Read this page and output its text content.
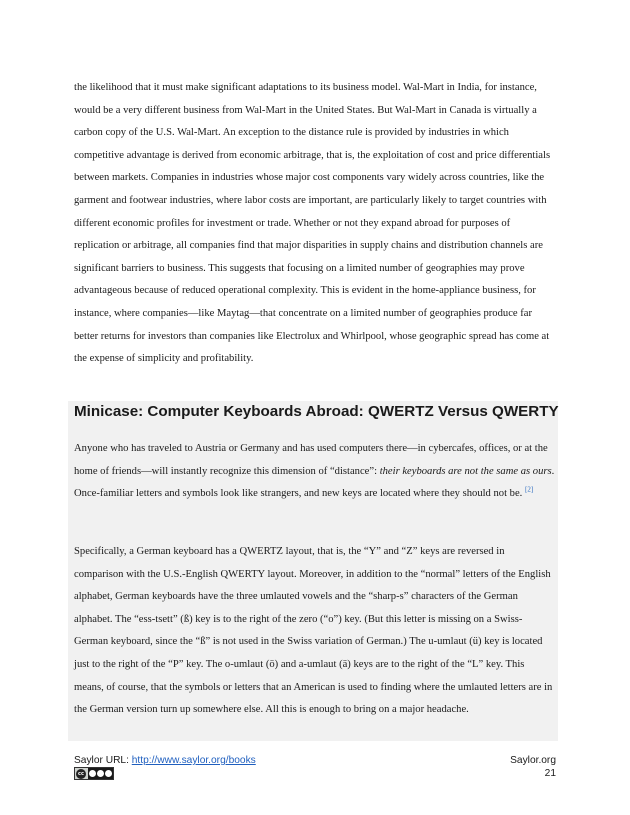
the likelihood that it must make significant adaptations to its business model. Wal-Mart in India, for instance, would be a very different business from Wal-Mart in the United States. But Wal-Mart in Canada is virtually a carbon copy of the U.S. Wal-Mart. An exception to the distance rule is provided by industries in which competitive advantage is derived from economic arbitrage, that is, the exploitation of cost and price differentials between markets. Companies in industries whose major cost components vary widely across countries, like the garment and footwear industries, where labor costs are important, are particularly likely to target countries with different economic profiles for investment or trade. Whether or not they expand abroad for purposes of replication or arbitrage, all companies find that major disparities in supply chains and distribution channels are significant barriers to business. This suggests that focusing on a limited number of geographies may prove advantageous because of reduced operational complexity. This is evident in the home-appliance business, for instance, where companies—like Maytag—that concentrate on a limited number of geographies produce far better returns for investors than companies like Electrolux and Whirlpool, whose geographic spread has come at the expense of simplicity and profitability.

Minicase: Computer Keyboards Abroad: QWERTZ Versus QWERTY

Anyone who has traveled to Austria or Germany and has used computers there—in cybercafes, offices, or at the home of friends—will instantly recognize this dimension of “distance”: their keyboards are not the same as ours. Once-familiar letters and symbols look like strangers, and new keys are located where they should not be. [2]

Specifically, a German keyboard has a QWERTZ layout, that is, the “Y” and “Z” keys are reversed in comparison with the U.S.-English QWERTY layout. Moreover, in addition to the “normal” letters of the English alphabet, German keyboards have the three umlauted vowels and the “sharp-s” characters of the German alphabet. The “ess-tsett” (ß) key is to the right of the zero (“o”) key. (But this letter is missing on a Swiss-German keyboard, since the “ß” is not used in the Swiss variation of German.) The u-umlaut (ü) key is located just to the right of the “P” key. The o-umlaut (ö) and a-umlaut (ä) keys are to the right of the “L” key. This means, of course, that the symbols or letters that an American is used to finding where the umlauted letters are in the German version turn up somewhere else. All this is enough to bring on a major headache.

Saylor URL: http://www.saylor.org/books
cc
Saylor.org
21
